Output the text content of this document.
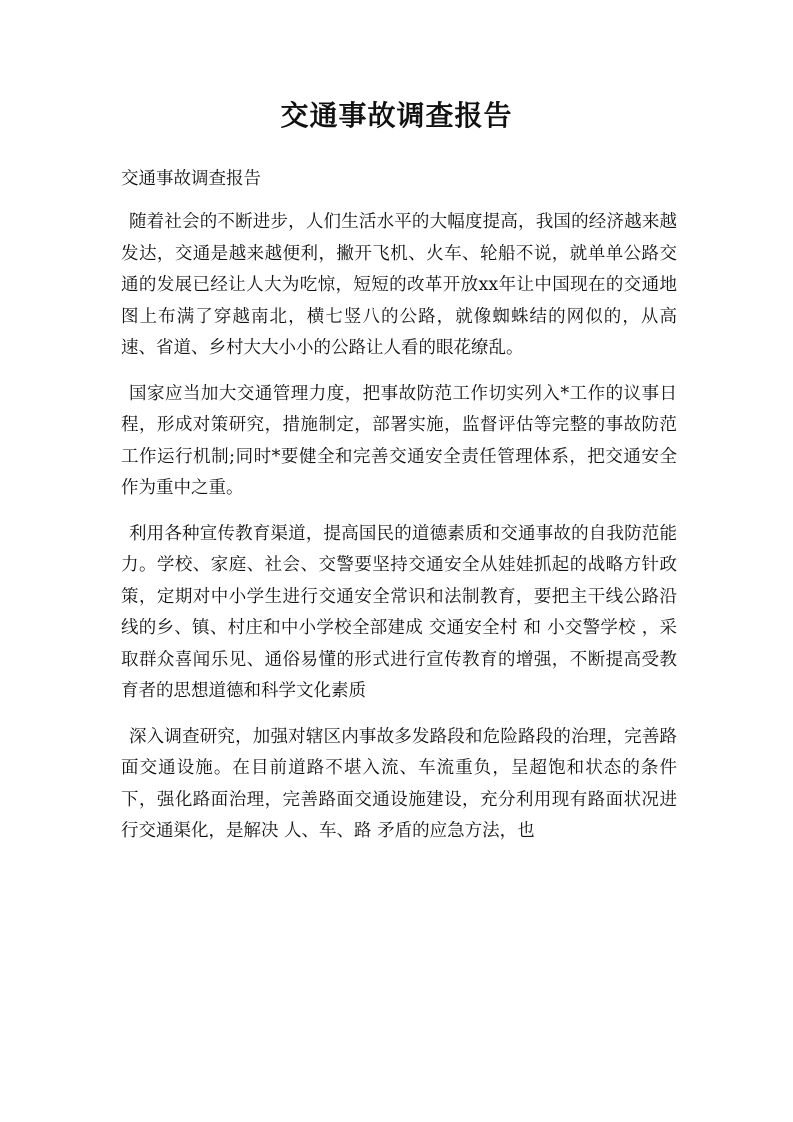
交通事故调查报告
交通事故调查报告

随着社会的不断进步，人们生活水平的大幅度提高，我国的经济越来越发达，交通是越来越便利，撇开飞机、火车、轮船不说，就单单公路交通的发展已经让人大为吃惊，短短的改革开放xx年让中国现在的交通地图上布满了穿越南北，横七竖八的公路，就像蜘蛛结的网似的，从高速、省道、乡村大大小小的公路让人看的眼花缭乱。

国家应当加大交通管理力度，把事故防范工作切实列入*工作的议事日程，形成对策研究，措施制定，部署实施，监督评估等完整的事故防范工作运行机制;同时*要健全和完善交通安全责任管理体系，把交通安全作为重中之重。

利用各种宣传教育渠道，提高国民的道德素质和交通事故的自我防范能力。学校、家庭、社会、交警要坚持交通安全从娃娃抓起的战略方针政策，定期对中小学生进行交通安全常识和法制教育，要把主干线公路沿线的乡、镇、村庄和中小学校全部建成 交通安全村 和 小交警学校 ，采取群众喜闻乐见、通俗易懂的形式进行宣传教育的增强，不断提高受教育者的思想道德和科学文化素质

深入调查研究，加强对辖区内事故多发路段和危险路段的治理，完善路面交通设施。在目前道路不堪入流、车流重负，呈超饱和状态的条件下，强化路面治理，完善路面交通设施建设，充分利用现有路面状况进行交通渠化，是解决 人、车、路 矛盾的应急方法，也
